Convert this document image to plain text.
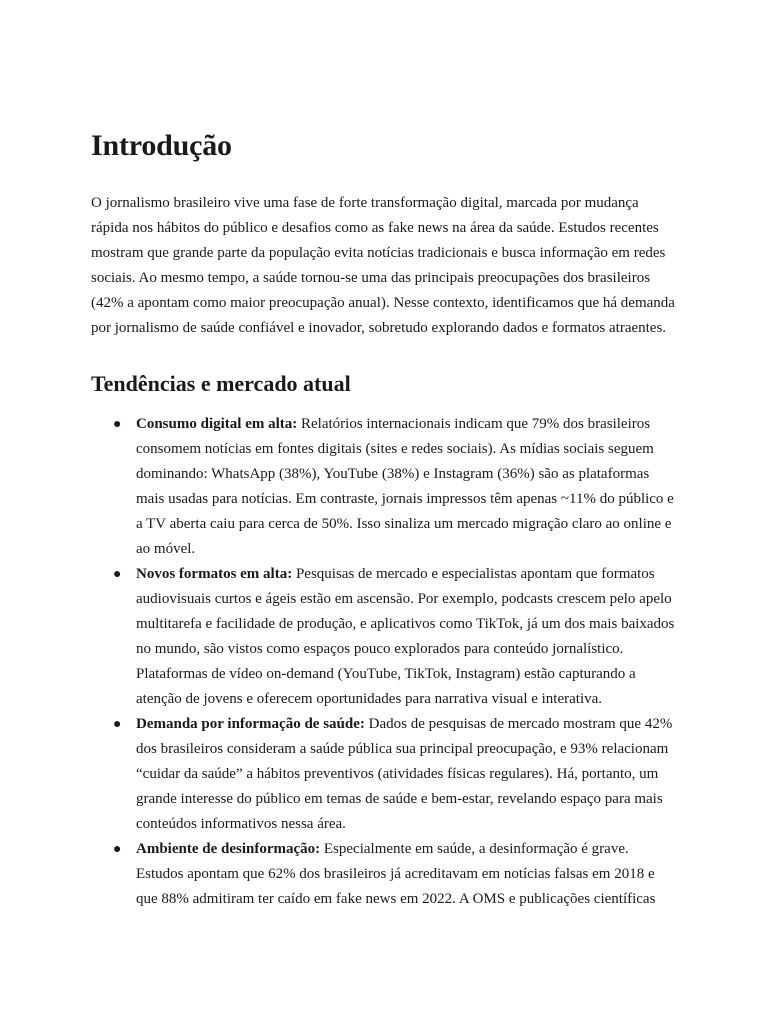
Introdução

O jornalismo brasileiro vive uma fase de forte transformação digital, marcada por mudança rápida nos hábitos do público e desafios como as fake news na área da saúde. Estudos recentes mostram que grande parte da população evita notícias tradicionais e busca informação em redes sociais. Ao mesmo tempo, a saúde tornou-se uma das principais preocupações dos brasileiros (42% a apontam como maior preocupação anual). Nesse contexto, identificamos que há demanda por jornalismo de saúde confiável e inovador, sobretudo explorando dados e formatos atraentes.

Tendências e mercado atual
● Consumo digital em alta: Relatórios internacionais indicam que 79% dos brasileiros consomem notícias em fontes digitais (sites e redes sociais). As mídias sociais seguem dominando: WhatsApp (38%), YouTube (38%) e Instagram (36%) são as plataformas mais usadas para notícias. Em contraste, jornais impressos têm apenas ~11% do público e a TV aberta caiu para cerca de 50%. Isso sinaliza um mercado migração claro ao online e ao móvel.
● Novos formatos em alta: Pesquisas de mercado e especialistas apontam que formatos audiovisuais curtos e ágeis estão em ascensão. Por exemplo, podcasts crescem pelo apelo multitarefa e facilidade de produção, e aplicativos como TikTok, já um dos mais baixados no mundo, são vistos como espaços pouco explorados para conteúdo jornalístico. Plataformas de vídeo on-demand (YouTube, TikTok, Instagram) estão capturando a atenção de jovens e oferecem oportunidades para narrativa visual e interativa.
● Demanda por informação de saúde: Dados de pesquisas de mercado mostram que 42% dos brasileiros consideram a saúde pública sua principal preocupação, e 93% relacionam “cuidar da saúde” a hábitos preventivos (atividades físicas regulares). Há, portanto, um grande interesse do público em temas de saúde e bem-estar, revelando espaço para mais conteúdos informativos nessa área.
● Ambiente de desinformação: Especialmente em saúde, a desinformação é grave. Estudos apontam que 62% dos brasileiros já acreditavam em notícias falsas em 2018 e que 88% admitiram ter caído em fake news em 2022. A OMS e publicações científicas
